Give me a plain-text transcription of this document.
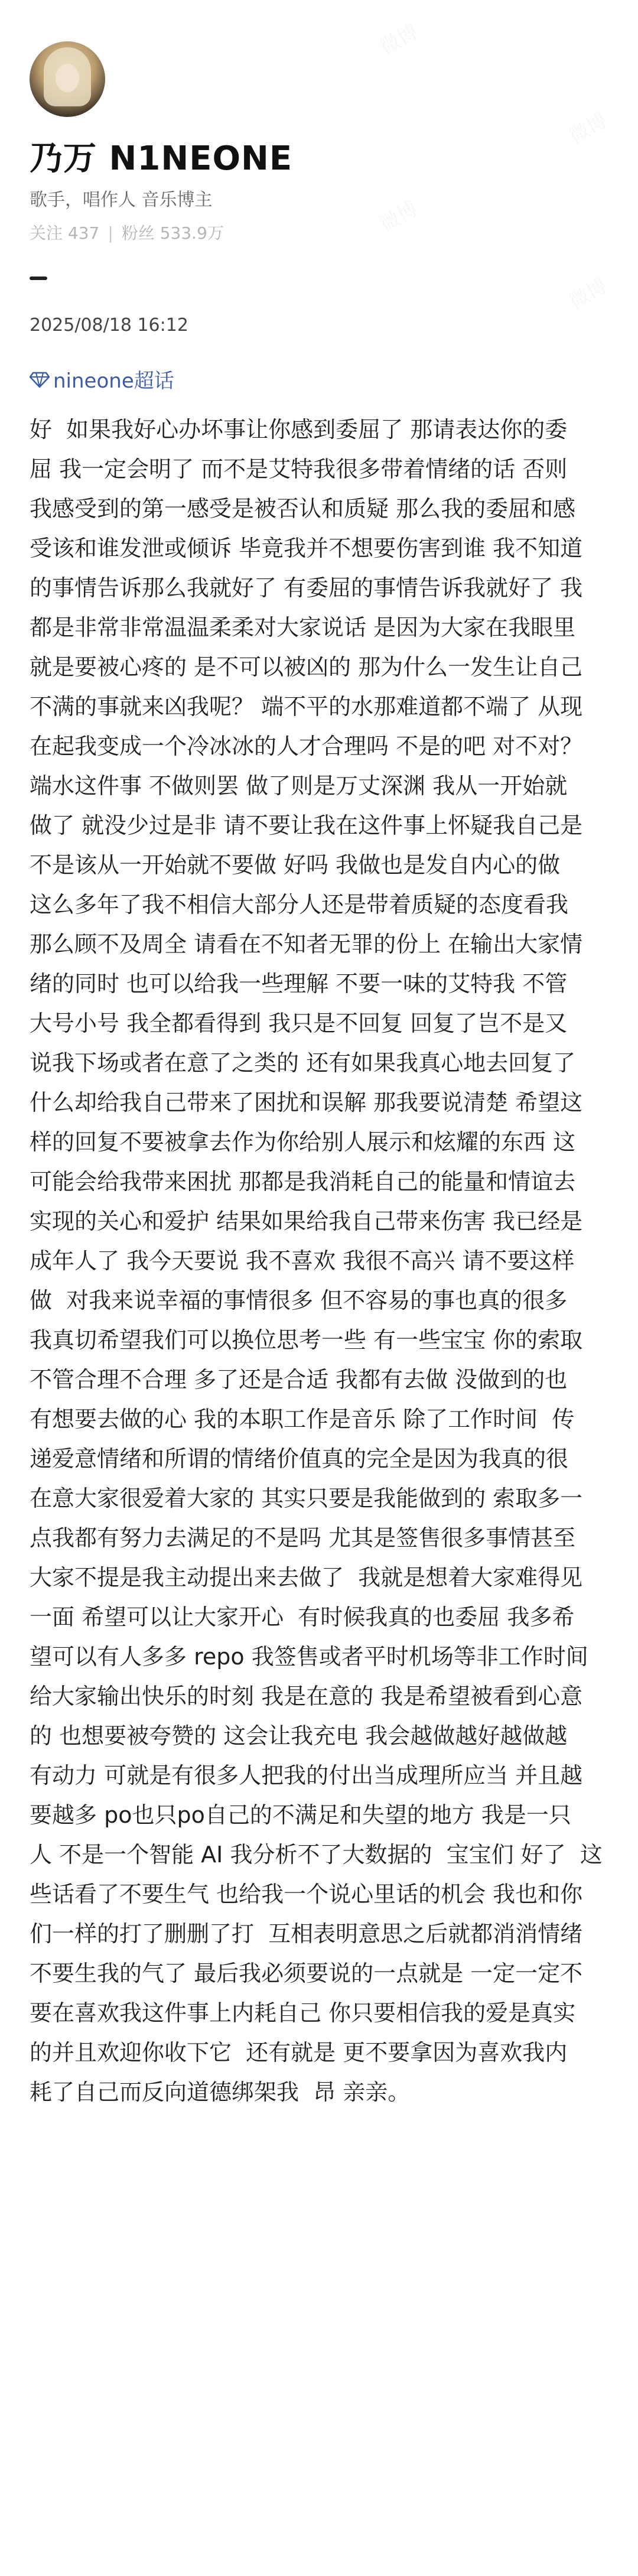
乃万 N1NEONE
歌手，唱作人 音乐博主
关注 437 | 粉丝 533.9万
2025/08/18 16:12
nineone超话
好  如果我好心办坏事让你感到委屈了 那请表达你的委
屈 我一定会明了 而不是艾特我很多带着情绪的话 否则
我感受到的第一感受是被否认和质疑 那么我的委屈和感
受该和谁发泄或倾诉 毕竟我并不想要伤害到谁 我不知道
的事情告诉那么我就好了 有委屈的事情告诉我就好了 我
都是非常非常温温柔柔对大家说话 是因为大家在我眼里
就是要被心疼的 是不可以被凶的 那为什么一发生让自己
不满的事就来凶我呢？ 端不平的水那难道都不端了 从现
在起我变成一个冷冰冰的人才合理吗 不是的吧 对不对？
端水这件事 不做则罢 做了则是万丈深渊 我从一开始就
做了 就没少过是非 请不要让我在这件事上怀疑我自己是
不是该从一开始就不要做 好吗 我做也是发自内心的做
这么多年了我不相信大部分人还是带着质疑的态度看我
那么顾不及周全 请看在不知者无罪的份上 在输出大家情
绪的同时 也可以给我一些理解 不要一味的艾特我 不管
大号小号 我全都看得到 我只是不回复 回复了岂不是又
说我下场或者在意了之类的 还有如果我真心地去回复了
什么却给我自己带来了困扰和误解 那我要说清楚 希望这
样的回复不要被拿去作为你给别人展示和炫耀的东西 这
可能会给我带来困扰 那都是我消耗自己的能量和情谊去
实现的关心和爱护 结果如果给我自己带来伤害 我已经是
成年人了 我今天要说 我不喜欢 我很不高兴 请不要这样
做  对我来说幸福的事情很多 但不容易的事也真的很多
我真切希望我们可以换位思考一些 有一些宝宝 你的索取
不管合理不合理 多了还是合适 我都有去做 没做到的也
有想要去做的心 我的本职工作是音乐 除了工作时间  传
递爱意情绪和所谓的情绪价值真的完全是因为我真的很
在意大家很爱着大家的 其实只要是我能做到的 索取多一
点我都有努力去满足的不是吗 尤其是签售很多事情甚至
大家不提是我主动提出来去做了  我就是想着大家难得见
一面 希望可以让大家开心  有时候我真的也委屈 我多希
望可以有人多多 repo 我签售或者平时机场等非工作时间
给大家输出快乐的时刻 我是在意的 我是希望被看到心意
的 也想要被夸赞的 这会让我充电 我会越做越好越做越
有动力 可就是有很多人把我的付出当成理所应当 并且越
要越多 po也只po自己的不满足和失望的地方 我是一只
人 不是一个智能 AI 我分析不了大数据的  宝宝们 好了  这
些话看了不要生气 也给我一个说心里话的机会 我也和你
们一样的打了删删了打  互相表明意思之后就都消消情绪
不要生我的气了 最后我必须要说的一点就是 一定一定不
要在喜欢我这件事上内耗自己 你只要相信我的爱是真实
的并且欢迎你收下它  还有就是 更不要拿因为喜欢我内
耗了自己而反向道德绑架我  昂 亲亲。
